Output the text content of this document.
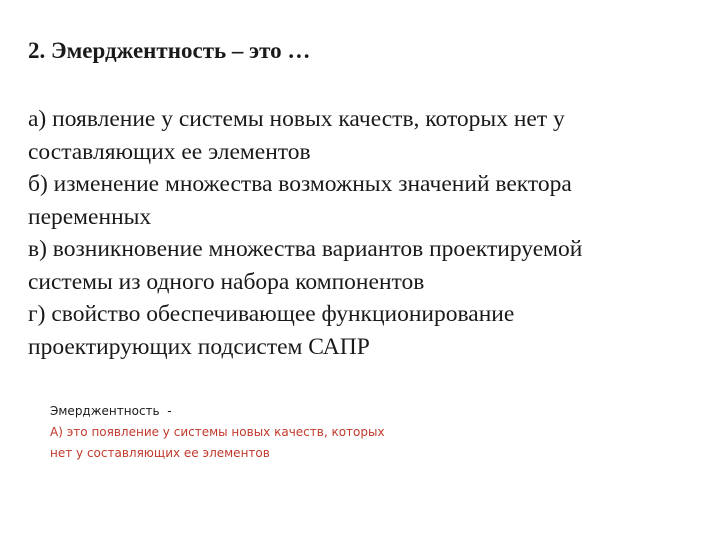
2. Эмерджентность – это …

а) появление у системы новых качеств, которых нет у
составляющих ее элементов

б) изменение множества возможных значений вектора
переменных

в) возникновение множества вариантов проектируемой
системы из одного набора компонентов

г) свойство обеспечивающее функционирование
проектирующих подсистем САПР

Эмерджентность  -
А) это появление у системы новых качеств, которых
нет у составляющих ее элементов
